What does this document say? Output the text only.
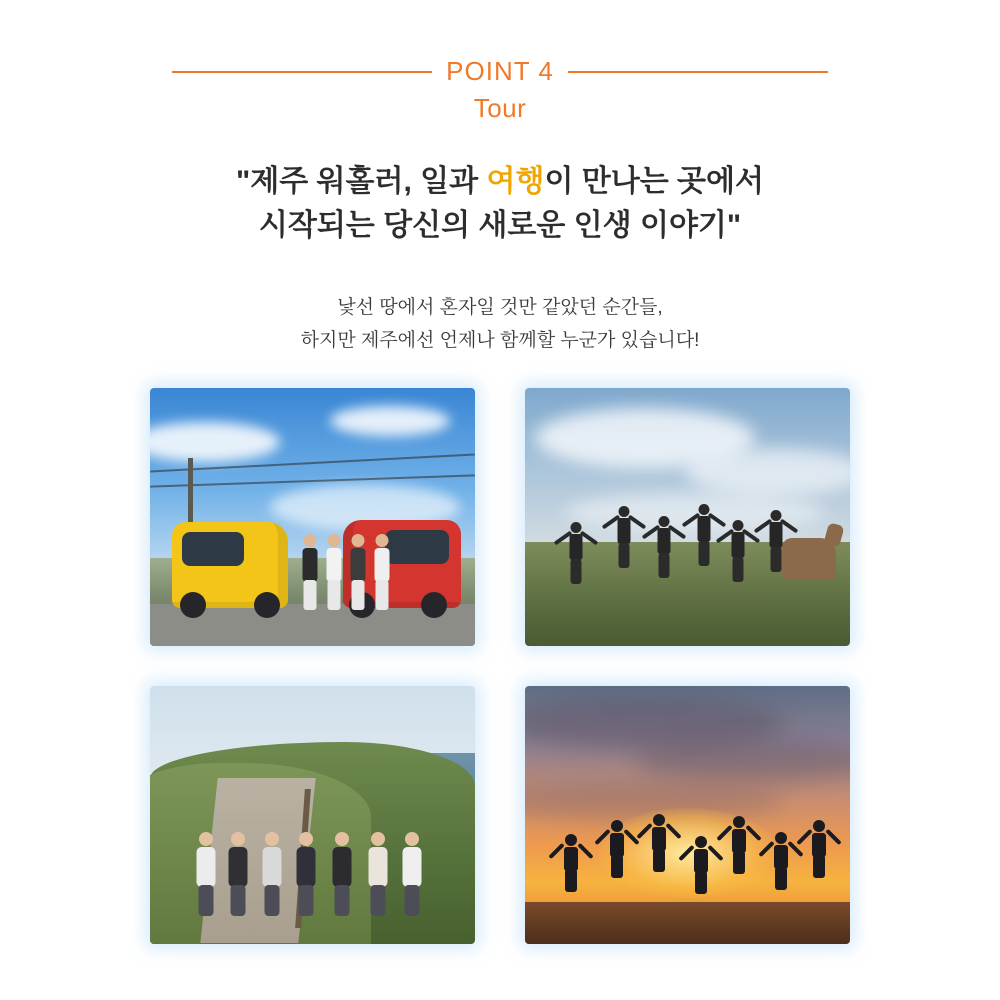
POINT 4
Tour
"제주 워홀러, 일과 여행이 만나는 곳에서
시작되는 당신의 새로운 인생 이야기"
낯선 땅에서 혼자일 것만 같았던 순간들,
하지만 제주에선 언제나 함께할 누군가 있습니다!
